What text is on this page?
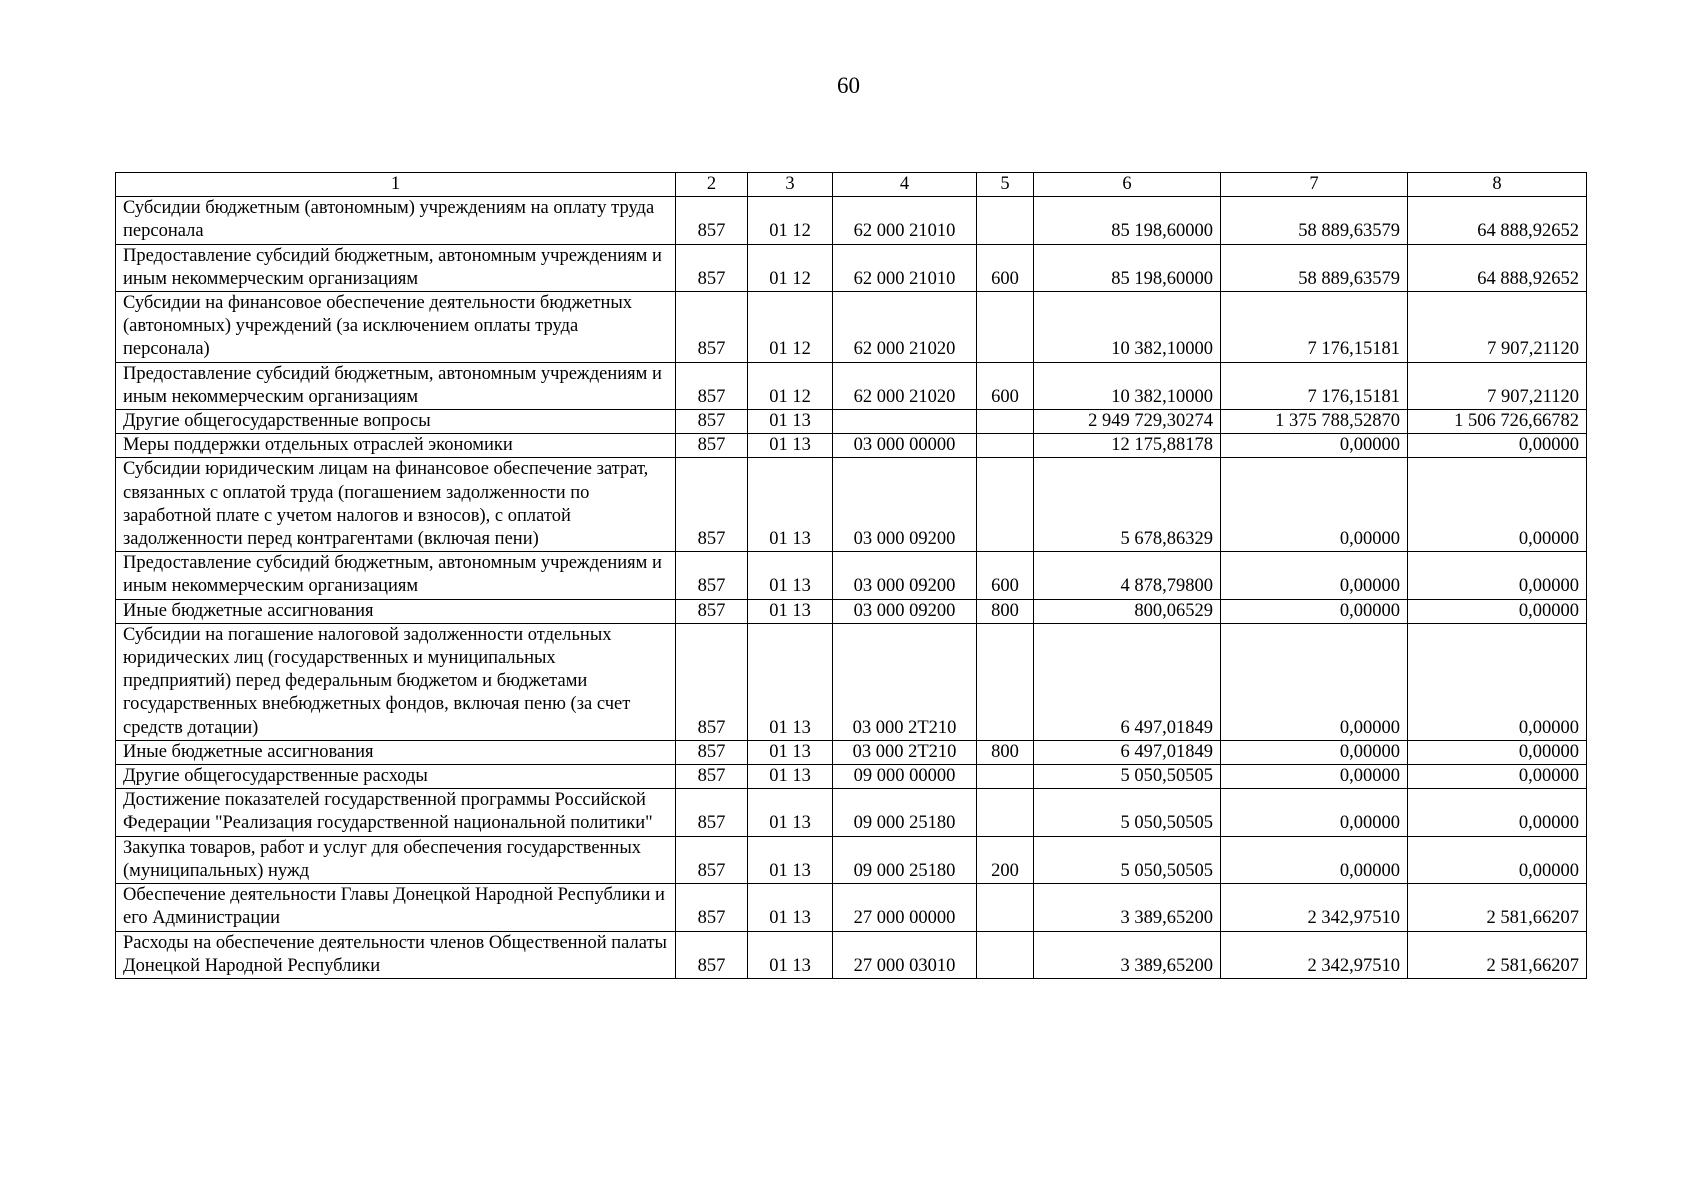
60
1	2	3	4	5	6	7	8
Субсидии бюджетным (автономным) учреждениям на оплату труда персонала	857	01 12	62 000 21010		85 198,60000	58 889,63579	64 888,92652
Предоставление субсидий бюджетным, автономным учреждениям и иным некоммерческим организациям	857	01 12	62 000 21010	600	85 198,60000	58 889,63579	64 888,92652
Субсидии на финансовое обеспечение деятельности бюджетных (автономных) учреждений (за исключением оплаты труда персонала)	857	01 12	62 000 21020		10 382,10000	7 176,15181	7 907,21120
Предоставление субсидий бюджетным, автономным учреждениям и иным некоммерческим организациям	857	01 12	62 000 21020	600	10 382,10000	7 176,15181	7 907,21120
Другие общегосударственные вопросы	857	01 13			2 949 729,30274	1 375 788,52870	1 506 726,66782
Меры поддержки отдельных отраслей экономики	857	01 13	03 000 00000		12 175,88178	0,00000	0,00000
Субсидии юридическим лицам на финансовое обеспечение затрат, связанных с оплатой труда (погашением задолженности по заработной плате с учетом налогов и взносов), с оплатой задолженности перед контрагентами (включая пени)	857	01 13	03 000 09200		5 678,86329	0,00000	0,00000
Предоставление субсидий бюджетным, автономным учреждениям и иным некоммерческим организациям	857	01 13	03 000 09200	600	4 878,79800	0,00000	0,00000
Иные бюджетные ассигнования	857	01 13	03 000 09200	800	800,06529	0,00000	0,00000
Субсидии на погашение налоговой задолженности отдельных юридических лиц (государственных и муниципальных предприятий) перед федеральным бюджетом и бюджетами государственных внебюджетных фондов, включая пеню (за счет средств дотации)	857	01 13	03 000 2Т210		6 497,01849	0,00000	0,00000
Иные бюджетные ассигнования	857	01 13	03 000 2Т210	800	6 497,01849	0,00000	0,00000
Другие общегосударственные расходы	857	01 13	09 000 00000		5 050,50505	0,00000	0,00000
Достижение показателей государственной программы Российской Федерации "Реализация государственной национальной политики"	857	01 13	09 000 25180		5 050,50505	0,00000	0,00000
Закупка товаров, работ и услуг для обеспечения государственных (муниципальных) нужд	857	01 13	09 000 25180	200	5 050,50505	0,00000	0,00000
Обеспечение деятельности Главы Донецкой Народной Республики и его Администрации	857	01 13	27 000 00000		3 389,65200	2 342,97510	2 581,66207
Расходы на обеспечение деятельности членов Общественной палаты Донецкой Народной Республики	857	01 13	27 000 03010		3 389,65200	2 342,97510	2 581,66207
